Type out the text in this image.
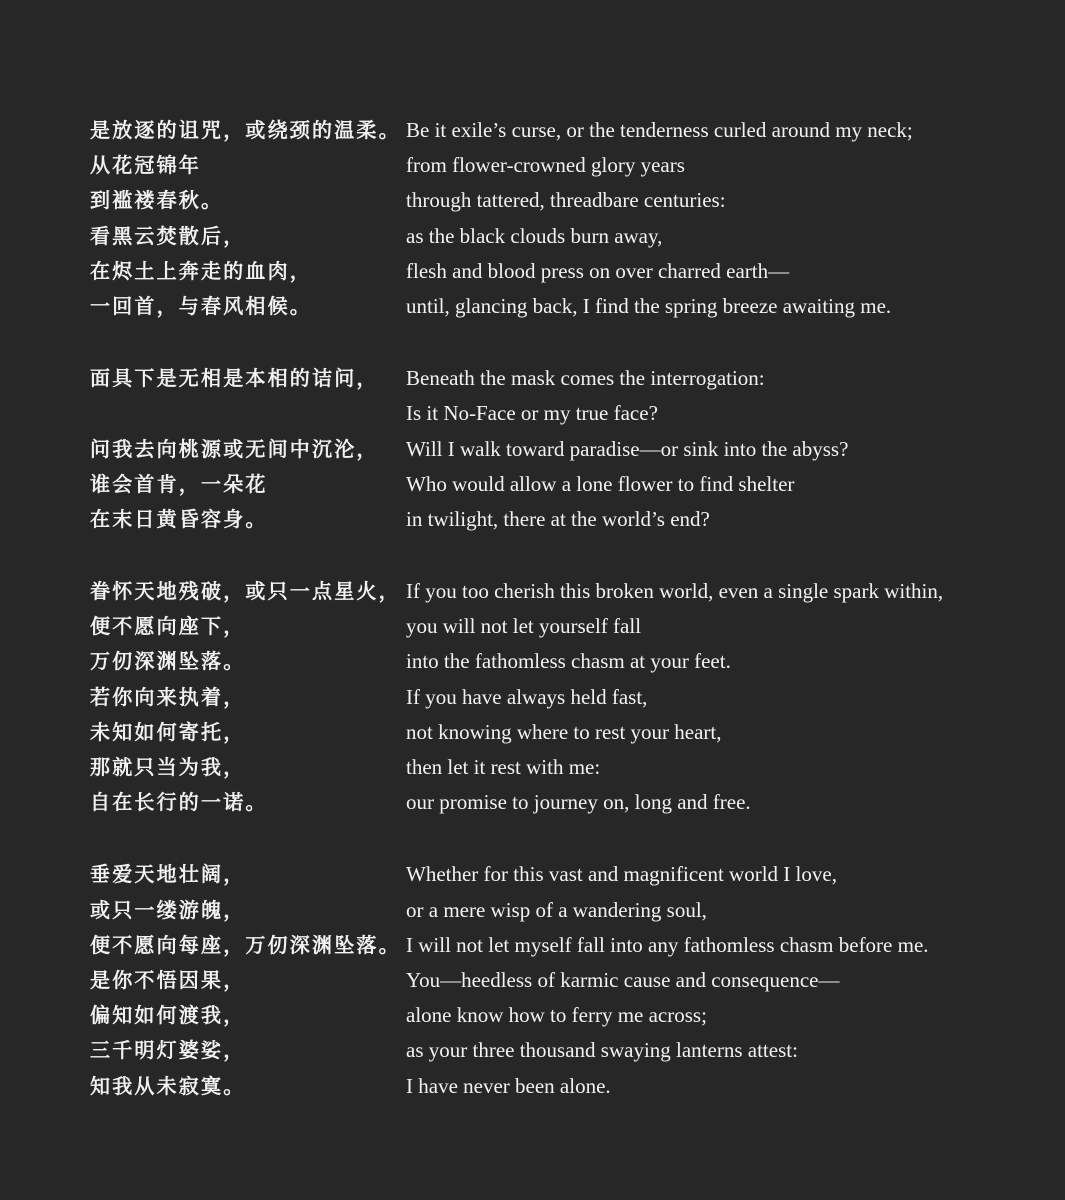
是放逐的诅咒，或绕颈的温柔。 Be it exile’s curse, or the tenderness curled around my neck;
从花冠锦年	from flower-crowned glory years
到褴褛春秋。	through tattered, threadbare centuries:
看黑云焚散后，	as the black clouds burn away,
在烬土上奔走的血肉，	flesh and blood press on over charred earth—
一回首，与春风相候。	until, glancing back, I find the spring breeze awaiting me.
面具下是无相是本相的诘问，	Beneath the mask comes the interrogation:
Is it No-Face or my true face?
问我去向桃源或无间中沉沦，	Will I walk toward paradise—or sink into the abyss?
谁会首肯，一朵花	Who would allow a lone flower to find shelter
在末日黄昏容身。	in twilight, there at the world’s end?
眷怀天地残破，或只一点星火， If you too cherish this broken world, even a single spark within,
便不愿向座下，	you will not let yourself fall
万仞深渊坠落。	into the fathomless chasm at your feet.
若你向来执着，	If you have always held fast,
未知如何寄托，	not knowing where to rest your heart,
那就只当为我，	then let it rest with me:
自在长行的一诺。	our promise to journey on, long and free.
垂爱天地壮阔，	Whether for this vast and magnificent world I love,
或只一缕游魄，	or a mere wisp of a wandering soul,
便不愿向每座，万仞深渊坠落。 I will not let myself fall into any fathomless chasm before me.
是你不悟因果，	You—heedless of karmic cause and consequence—
偏知如何渡我，	alone know how to ferry me across;
三千明灯婆娑，	as your three thousand swaying lanterns attest:
知我从未寂寞。	I have never been alone.
